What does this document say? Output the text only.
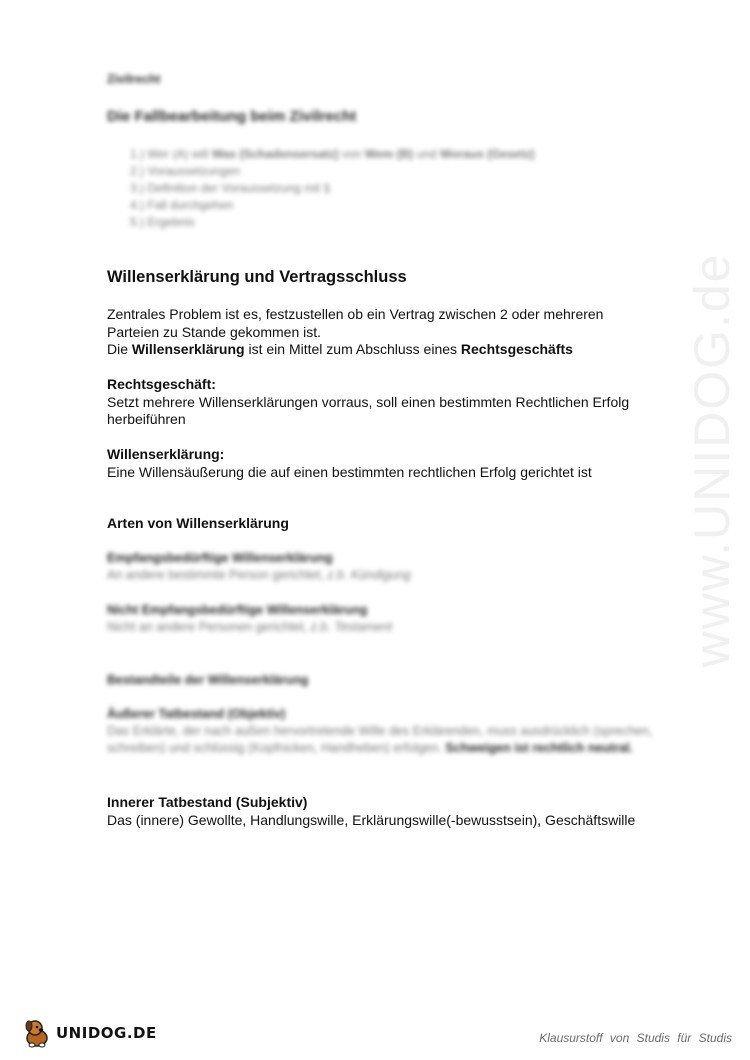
www.UNIDOG.de
Zivilrecht
Die Fallbearbeitung beim Zivilrecht
1.) Wer (A) will Was (Schadensersatz) von Wem (B) und Woraus (Gesetz)
2.) Voraussetzungen
3.) Definition der Voraussetzung mit §
4.) Fall durchgehen
5.) Ergebnis
Willenserklärung und Vertragsschluss
Zentrales Problem ist es, festzustellen ob ein Vertrag zwischen 2 oder mehreren
Parteien zu Stande gekommen ist.
Die Willenserklärung ist ein Mittel zum Abschluss eines Rechtsgeschäfts
Rechtsgeschäft:
Setzt mehrere Willenserklärungen vorraus, soll einen bestimmten Rechtlichen Erfolg herbeiführen
Willenserklärung:
Eine Willensäußerung die auf einen bestimmten rechtlichen Erfolg gerichtet ist
Arten von Willenserklärung
Empfangsbedürftige Willenserklärung
An andere bestimmte Person gerichtet, z.b. Kündigung
Nicht Empfangsbedürftige Willenserklärung
Nicht an andere Personen gerichtet, z.b. Testament
Bestandteile der Willenserklärung
Äußerer Tatbestand (Objektiv)
Das Erklärte, der nach außen hervortretende Wille des Erklärenden, muss ausdrücklich (sprechen, schreiben) und schlüssig (Kopfnicken, Handheben) erfolgen. Schweigen ist rechtlich neutral.
Innerer Tatbestand (Subjektiv)
Das (innere) Gewollte, Handlungswille, Erklärungswille(-bewusstsein), Geschäftswille
UNIDOG.DE	Klausurstoff von Studis für Studis
